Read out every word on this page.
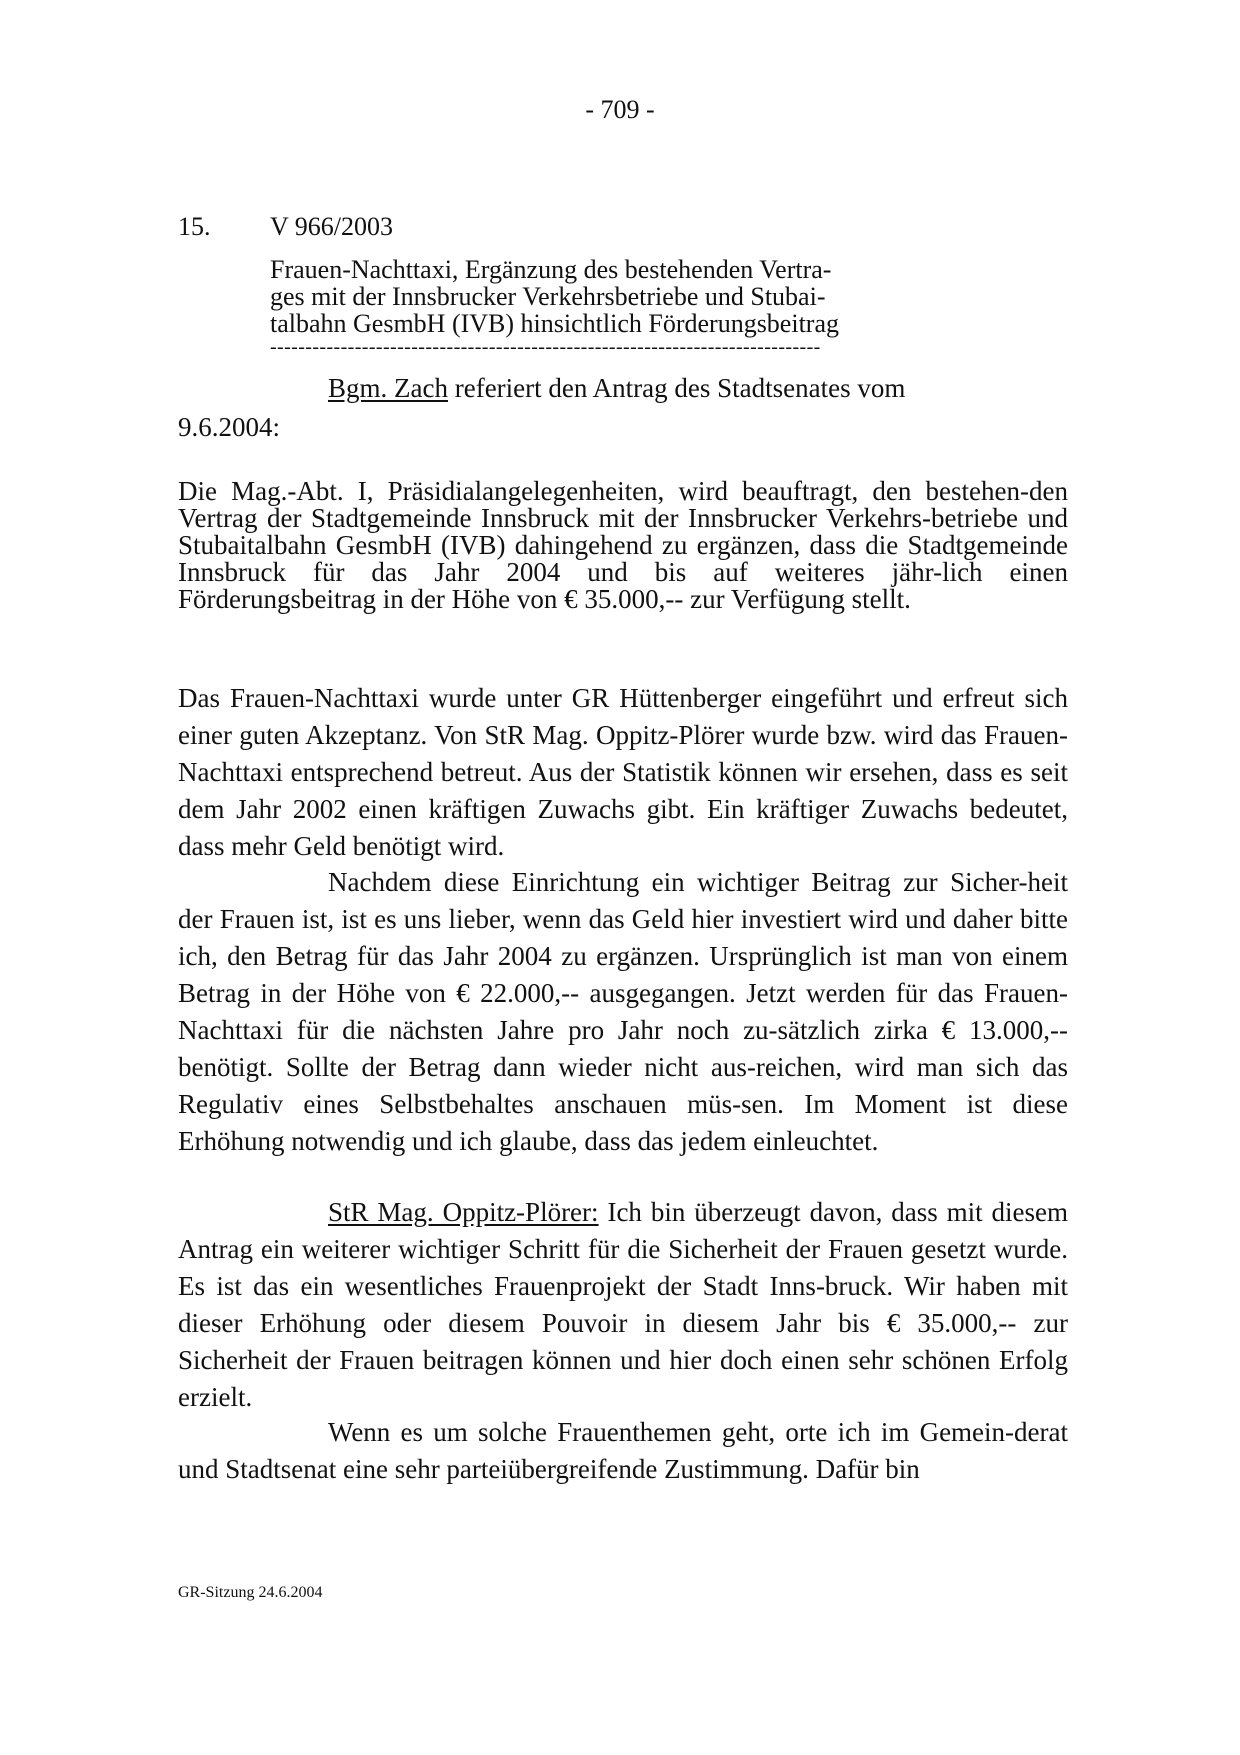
- 709 -
15. V 966/2003
Frauen-Nachttaxi, Ergänzung des bestehenden Vertra-
ges mit der Innsbrucker Verkehrsbetriebe und Stubai-
talbahn GesmbH (IVB) hinsichtlich Förderungsbeitrag
------------------------------------------------------------------------------
Bgm. Zach referiert den Antrag des Stadtsenates vom
9.6.2004:
Die Mag.-Abt. I, Präsidialangelegenheiten, wird beauftragt, den bestehen-den Vertrag der Stadtgemeinde Innsbruck mit der Innsbrucker Verkehrs-betriebe und Stubaitalbahn GesmbH (IVB) dahingehend zu ergänzen, dass die Stadtgemeinde Innsbruck für das Jahr 2004 und bis auf weiteres jähr-lich einen Förderungsbeitrag in der Höhe von € 35.000,-- zur Verfügung stellt.

Das Frauen-Nachttaxi wurde unter GR Hüttenberger eingeführt und erfreut sich einer guten Akzeptanz. Von StR Mag. Oppitz-Plörer wurde bzw. wird das Frauen-Nachttaxi entsprechend betreut. Aus der Statistik können wir ersehen, dass es seit dem Jahr 2002 einen kräftigen Zuwachs gibt. Ein kräftiger Zuwachs bedeutet, dass mehr Geld benötigt wird.

Nachdem diese Einrichtung ein wichtiger Beitrag zur Sicher-heit der Frauen ist, ist es uns lieber, wenn das Geld hier investiert wird und daher bitte ich, den Betrag für das Jahr 2004 zu ergänzen. Ursprünglich ist man von einem Betrag in der Höhe von € 22.000,-- ausgegangen. Jetzt werden für das Frauen-Nachttaxi für die nächsten Jahre pro Jahr noch zu-sätzlich zirka € 13.000,-- benötigt. Sollte der Betrag dann wieder nicht aus-reichen, wird man sich das Regulativ eines Selbstbehaltes anschauen müs-sen. Im Moment ist diese Erhöhung notwendig und ich glaube, dass das jedem einleuchtet.

StR Mag. Oppitz-Plörer: Ich bin überzeugt davon, dass mit diesem Antrag ein weiterer wichtiger Schritt für die Sicherheit der Frauen gesetzt wurde. Es ist das ein wesentliches Frauenprojekt der Stadt Inns-bruck. Wir haben mit dieser Erhöhung oder diesem Pouvoir in diesem Jahr bis € 35.000,-- zur Sicherheit der Frauen beitragen können und hier doch einen sehr schönen Erfolg erzielt.

Wenn es um solche Frauenthemen geht, orte ich im Gemein-derat und Stadtsenat eine sehr parteiübergreifende Zustimmung. Dafür bin

GR-Sitzung 24.6.2004
